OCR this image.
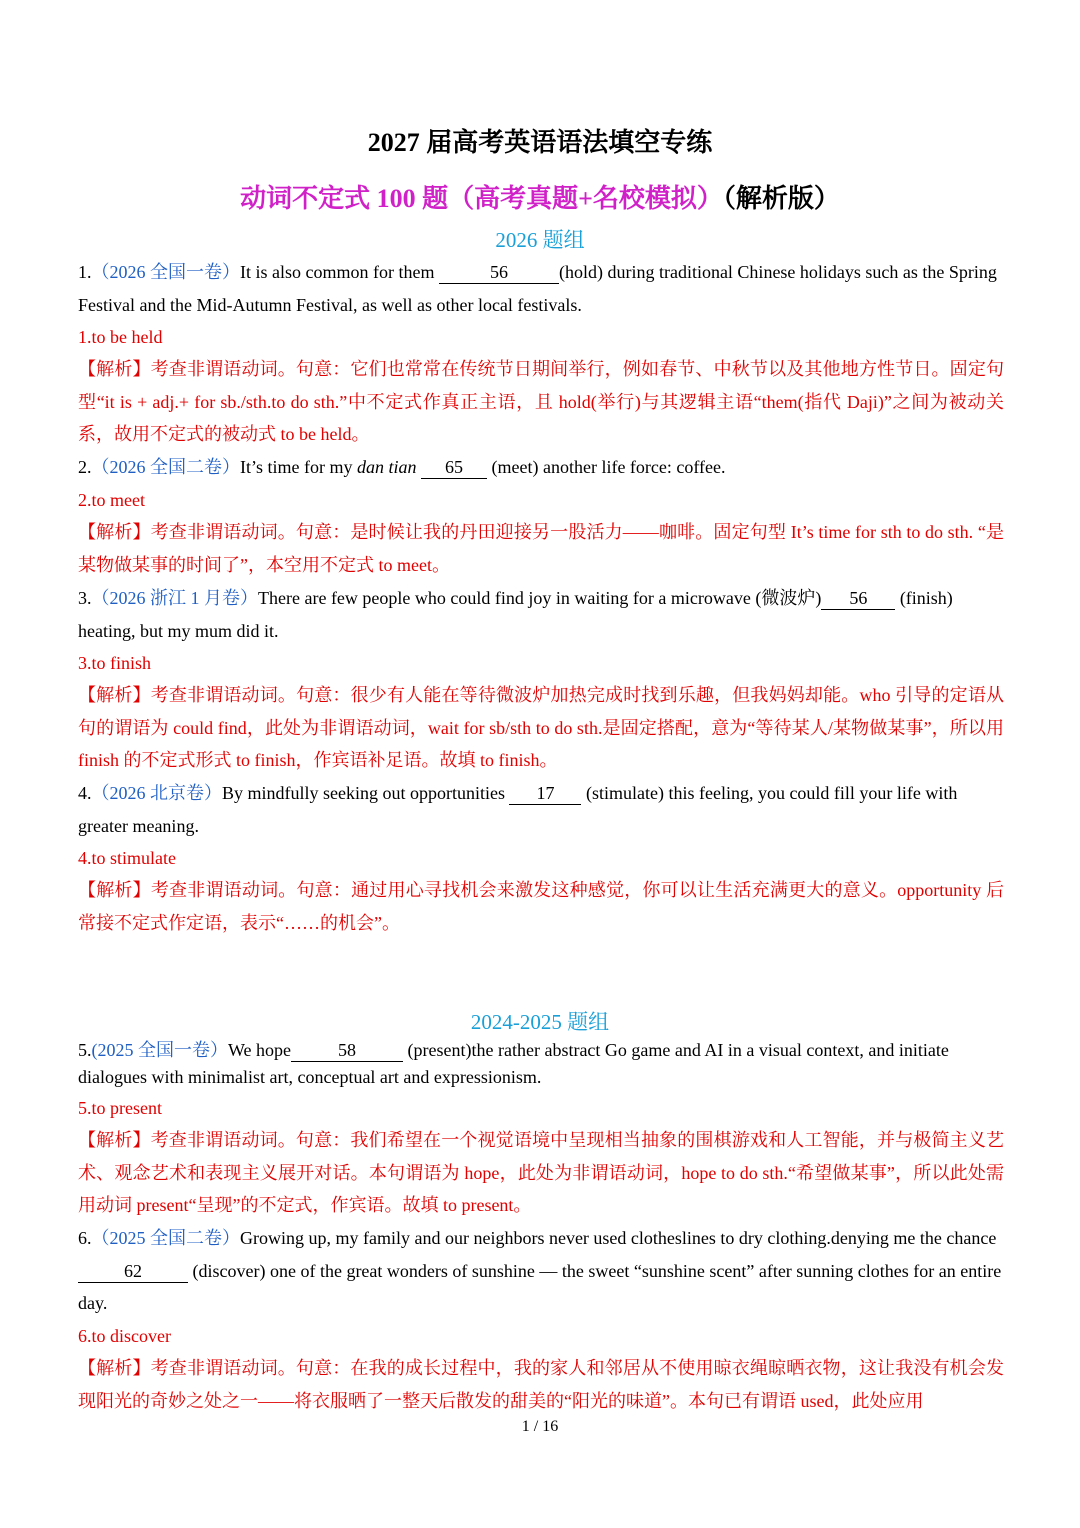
2027 届高考英语语法填空专练
动词不定式 100 题（高考真题+名校模拟）（解析版）
2026 题组
1.（2026 全国一卷）It is also common for them	56	(hold) during traditional Chinese holidays such as the Spring Festival and the Mid-Autumn Festival, as well as other local festivals.
1.to be held
【解析】考查非谓语动词。句意：它们也常常在传统节日期间举行，例如春节、中秋节以及其他地方性节日。固定句型“it is + adj.+ for sb./sth.to do sth.”中不定式作真正主语，且 hold(举行)与其逻辑主语“them(指代 Daji)”之间为被动关系，故用不定式的被动式 to be held。
2.（2026 全国二卷）It’s time for my dan tian 65 (meet) another life force: coffee.
2.to meet
【解析】考查非谓语动词。句意：是时候让我的丹田迎接另一股活力——咖啡。固定句型 It’s time for sth to do sth. “是某物做某事的时间了”，本空用不定式 to meet。
3.（2026 浙江 1 月卷）There are few people who could find joy in waiting for a microwave (微波炉) 56 (finish) heating, but my mum did it.
3.to finish
【解析】考查非谓语动词。句意：很少有人能在等待微波炉加热完成时找到乐趣，但我妈妈却能。who 引导的定语从句的谓语为 could find，此处为非谓语动词，wait for sb/sth to do sth.是固定搭配，意为“等待某人/某物做某事”，所以用 finish 的不定式形式 to finish，作宾语补足语。故填 to finish。
4.（2026 北京卷）By mindfully seeking out opportunities 17 (stimulate) this feeling, you could fill your life with greater meaning.
4.to stimulate
【解析】考查非谓语动词。句意：通过用心寻找机会来激发这种感觉，你可以让生活充满更大的意义。opportunity 后常接不定式作定语，表示“……的机会”。
2024-2025 题组
5.(2025 全国一卷）We hope	58	(present)the rather abstract Go game and AI in a visual context, and initiate dialogues with minimalist art, conceptual art and expressionism.
5.to present
【解析】考查非谓语动词。句意：我们希望在一个视觉语境中呈现相当抽象的围棋游戏和人工智能，并与极简主义艺术、观念艺术和表现主义展开对话。本句谓语为 hope，此处为非谓语动词，hope to do sth.“希望做某事”，所以此处需用动词 present“呈现”的不定式，作宾语。故填 to present。
6.（2025 全国二卷）Growing up, my family and our neighbors never used clotheslines to dry clothing.denying me the chance 62	(discover) one of the great wonders of sunshine — the sweet “sunshine scent” after sunning clothes for an entire day.
6.to discover
【解析】考查非谓语动词。句意：在我的成长过程中，我的家人和邻居从不使用晾衣绳晾晒衣物，这让我没有机会发现阳光的奇妙之处之一——将衣服晒了一整天后散发的甜美的“阳光的味道”。本句已有谓语 used，此处应用
1 / 16
